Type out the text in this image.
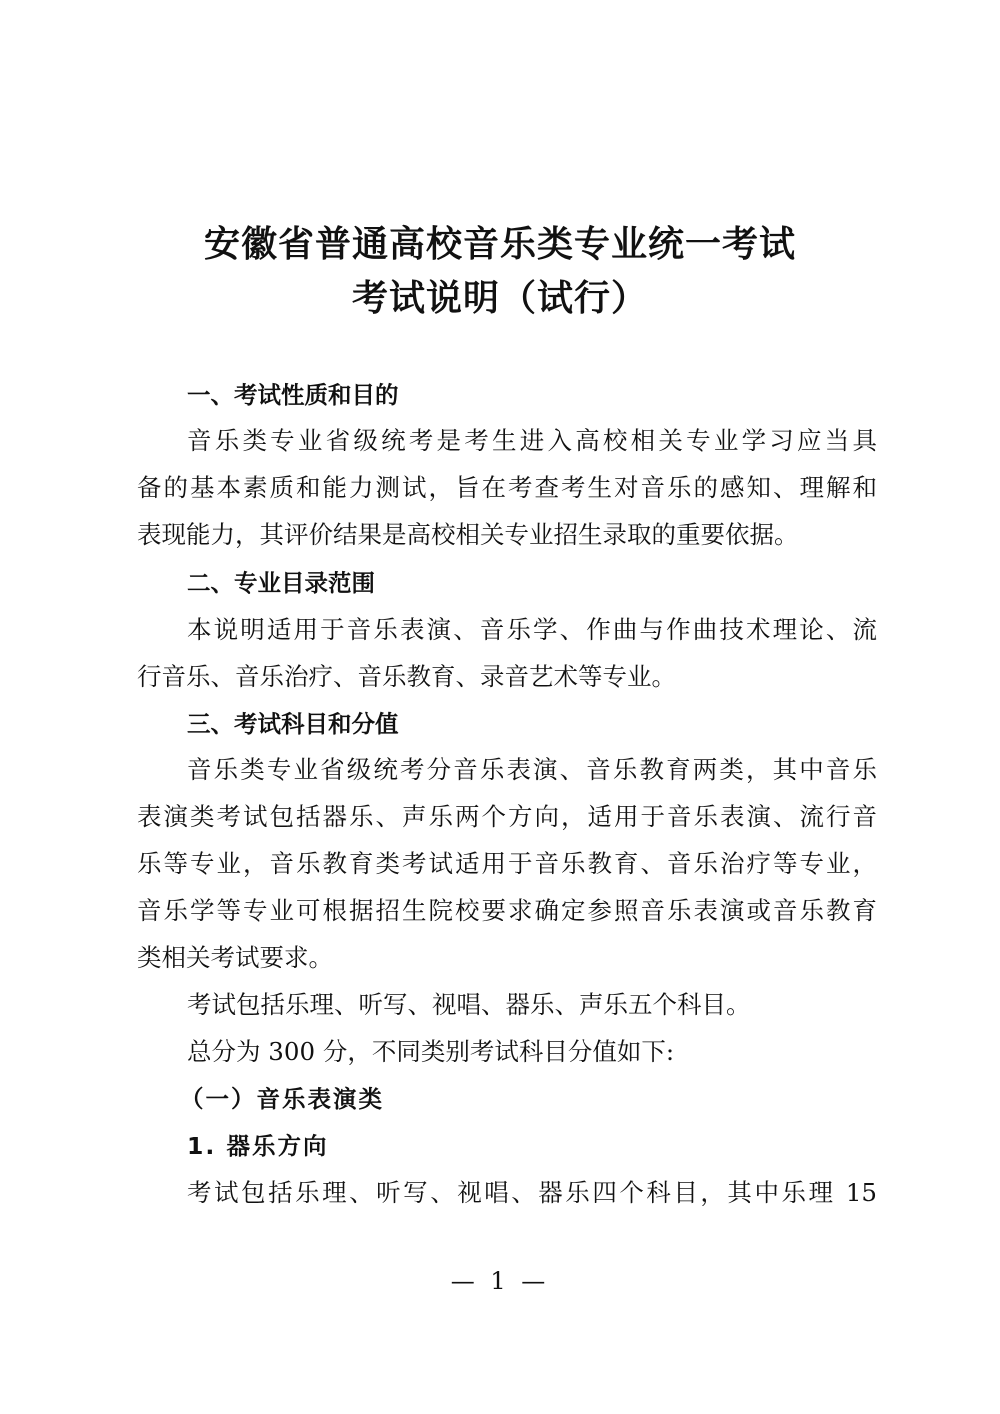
安徽省普通高校音乐类专业统一考试
考试说明（试行）

一、考试性质和目的

音乐类专业省级统考是考生进入高校相关专业学习应当具

备的基本素质和能力测试，旨在考查考生对音乐的感知、理解和

表现能力，其评价结果是高校相关专业招生录取的重要依据。

二、专业目录范围

本说明适用于音乐表演、音乐学、作曲与作曲技术理论、流

行音乐、音乐治疗、音乐教育、录音艺术等专业。

三、考试科目和分值

音乐类专业省级统考分音乐表演、音乐教育两类，其中音乐

表演类考试包括器乐、声乐两个方向，适用于音乐表演、流行音

乐等专业，音乐教育类考试适用于音乐教育、音乐治疗等专业，

音乐学等专业可根据招生院校要求确定参照音乐表演或音乐教育

类相关考试要求。

考试包括乐理、听写、视唱、器乐、声乐五个科目。

总分为 300 分，不同类别考试科目分值如下:

（一）音乐表演类

1. 器乐方向

考试包括乐理、听写、视唱、器乐四个科目，其中乐理 15

— 1 —
